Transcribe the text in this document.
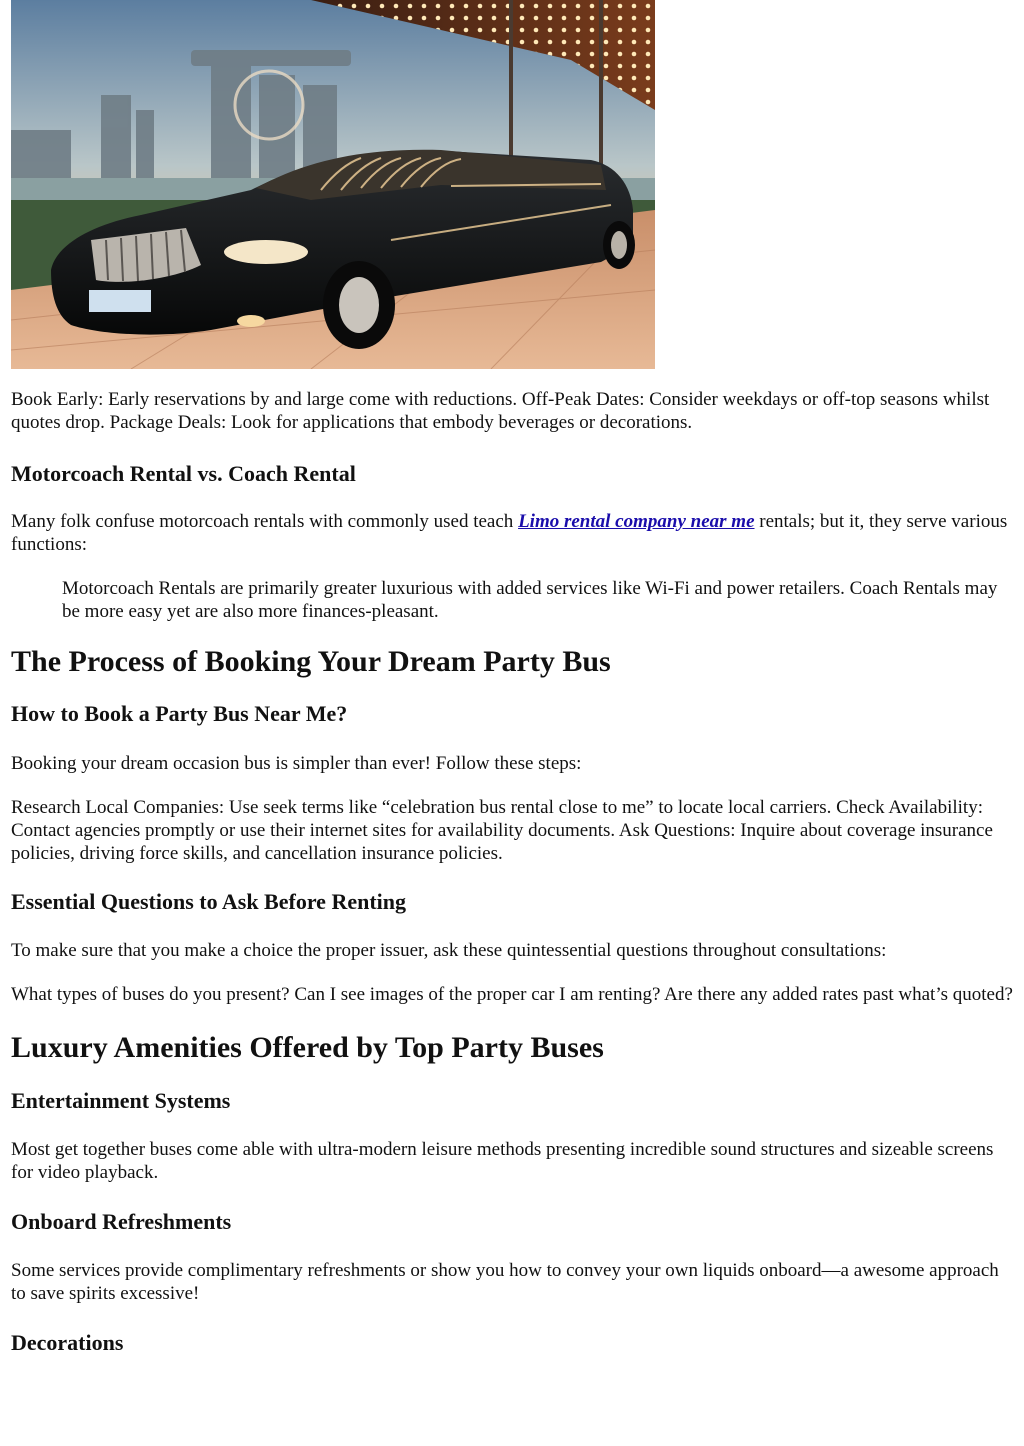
Book Early: Early reservations by and large come with reductions. Off-Peak Dates: Consider weekdays or off-top seasons whilst quotes drop. Package Deals: Look for applications that embody beverages or decorations.

Motorcoach Rental vs. Coach Rental

Many folk confuse motorcoach rentals with commonly used teach Limo rental company near me rentals; but it, they serve various functions:

Motorcoach Rentals are primarily greater luxurious with added services like Wi-Fi and power retailers. Coach Rentals may be more easy yet are also more finances-pleasant.
The Process of Booking Your Dream Party Bus
How to Book a Party Bus Near Me?

Booking your dream occasion bus is simpler than ever! Follow these steps:

Research Local Companies: Use seek terms like “celebration bus rental close to me” to locate local carriers. Check Availability: Contact agencies promptly or use their internet sites for availability documents. Ask Questions: Inquire about coverage insurance policies, driving force skills, and cancellation insurance policies.

Essential Questions to Ask Before Renting

To make sure that you make a choice the proper issuer, ask these quintessential questions throughout consultations:

What types of buses do you present? Can I see images of the proper car I am renting? Are there any added rates past what’s quoted?

Luxury Amenities Offered by Top Party Buses
Entertainment Systems

Most get together buses come able with ultra-modern leisure methods presenting incredible sound structures and sizeable screens for video playback.

Onboard Refreshments

Some services provide complimentary refreshments or show you how to convey your own liquids onboard—a awesome approach to save spirits excessive!

Decorations
